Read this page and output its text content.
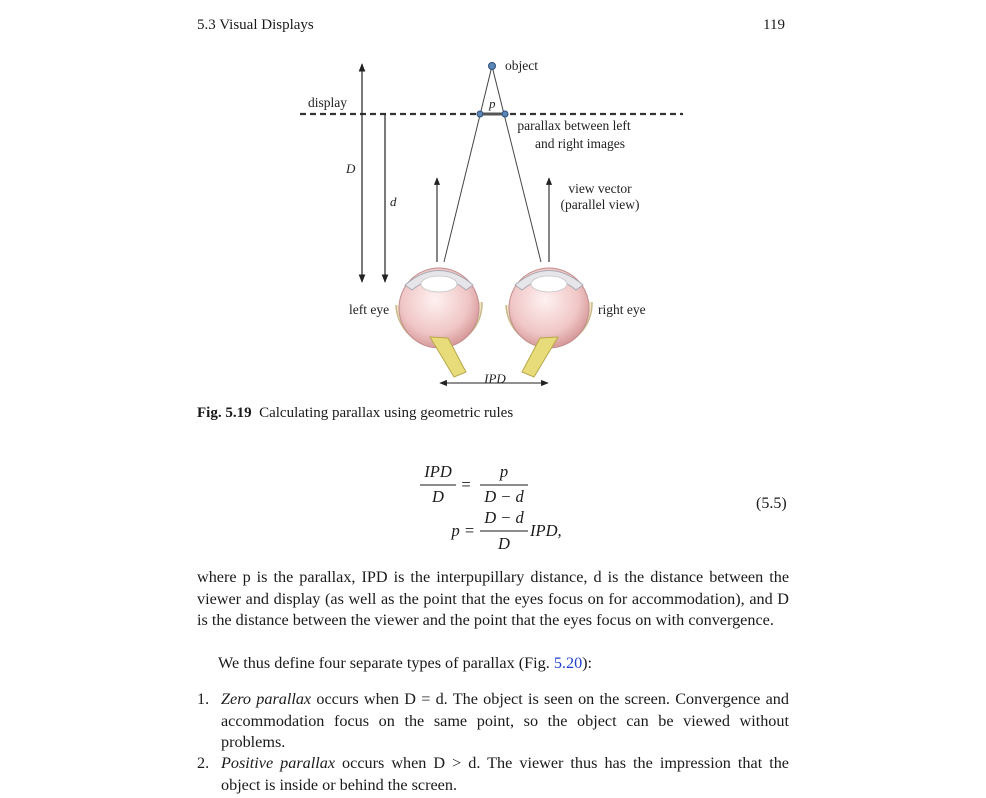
5.3 Visual Displays	119
object
display	p
parallax between left
and right images
D
d
view vector
(parallel view)
left eye	right eye
IPD
Fig. 5.19 Calculating parallax using geometric rules
IPD
D
=
p
D − d
p =
D − d
D
IPD,
(5.5)
where p is the parallax, IPD is the interpupillary distance, d is the distance between the viewer and display (as well as the point that the eyes focus on for accommodation), and D is the distance between the viewer and the point that the eyes focus on with convergence.
We thus define four separate types of parallax (Fig. 5.20):
1. Zero parallax occurs when D = d. The object is seen on the screen. Convergence and accommodation focus on the same point, so the object can be viewed without problems.
2. Positive parallax occurs when D > d. The viewer thus has the impression that the object is inside or behind the screen.
